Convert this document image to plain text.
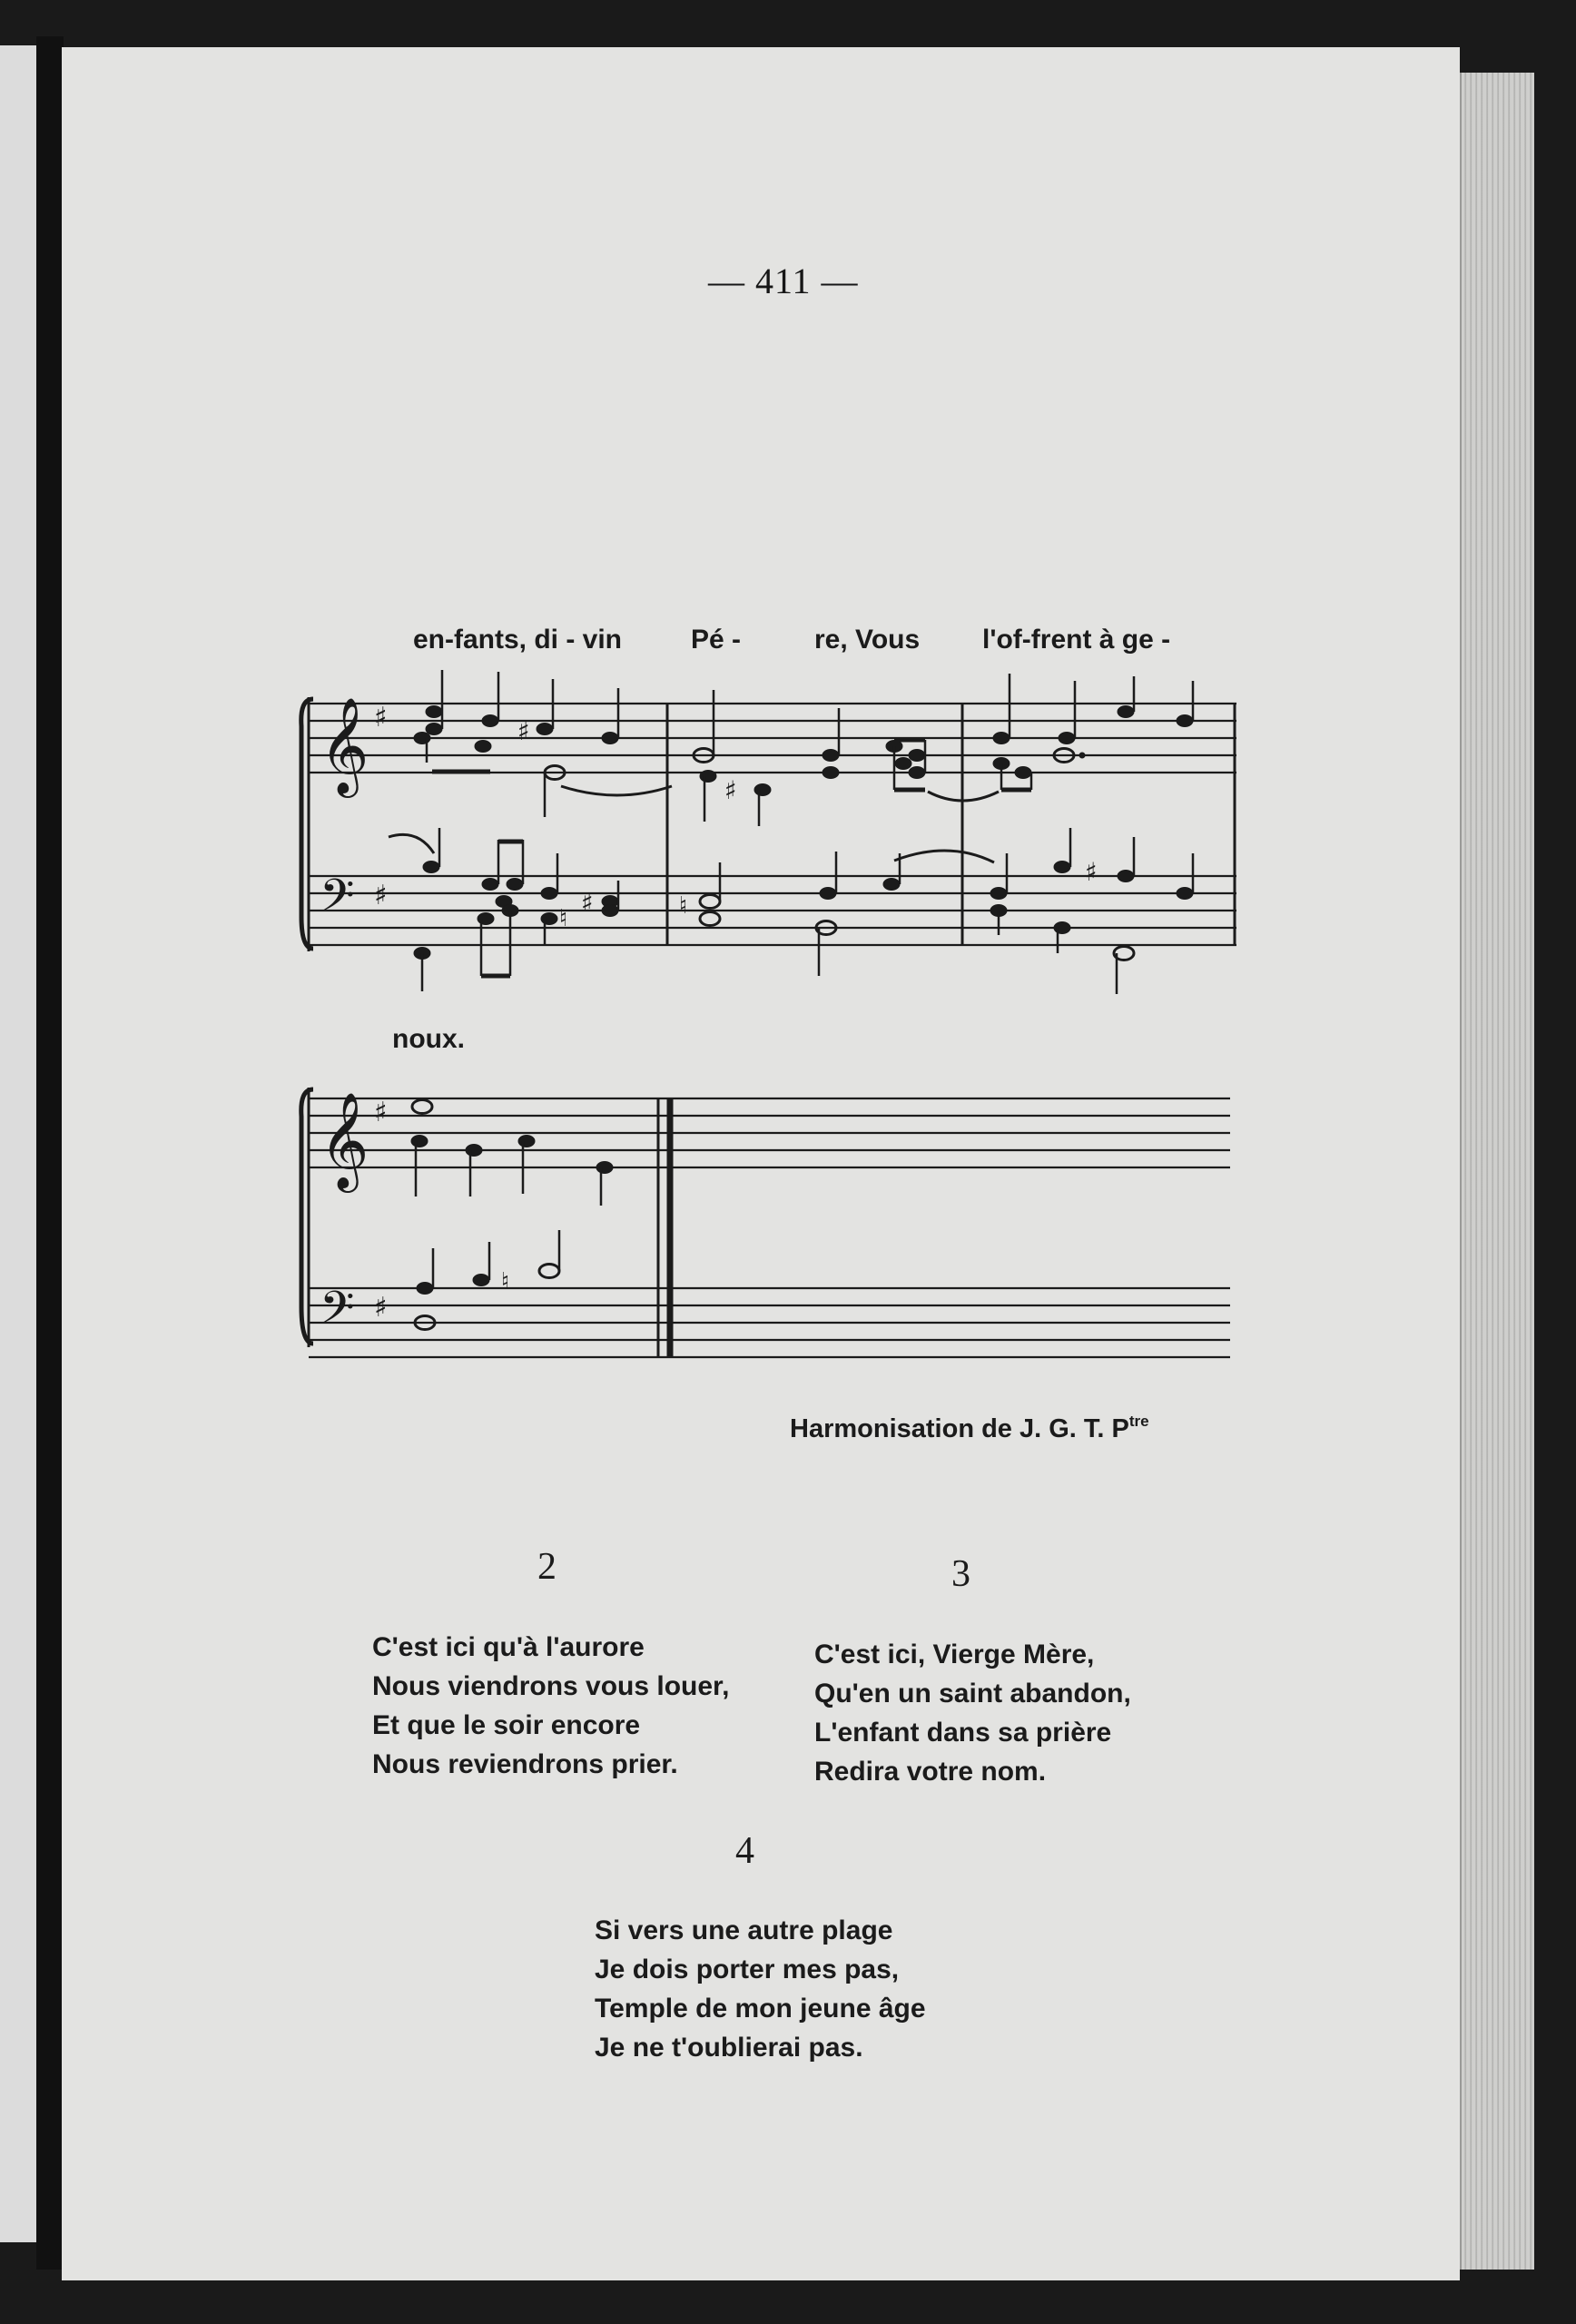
— 411 —
en-fants, di - vin	Pé -	re, Vous l'of-frent à ge -
𝄞
𝄢
♯
♯
♯
♯
♮
♯	♮
♯
𝄞
𝄢
♯
♯
♮
noux.
Harmonisation de J. G. T. $P^{tre}$
2
C'est ici qu'à l'aurore
Nous viendrons vous louer,
Et que le soir encore
Nous reviendrons prier.
3
C'est ici, Vierge Mère,
Qu'en un saint abandon,
L'enfant dans sa prière
Redira votre nom.
4
Si vers une autre plage
Je dois porter mes pas,
Temple de mon jeune âge
Je ne t'oublierai pas.
